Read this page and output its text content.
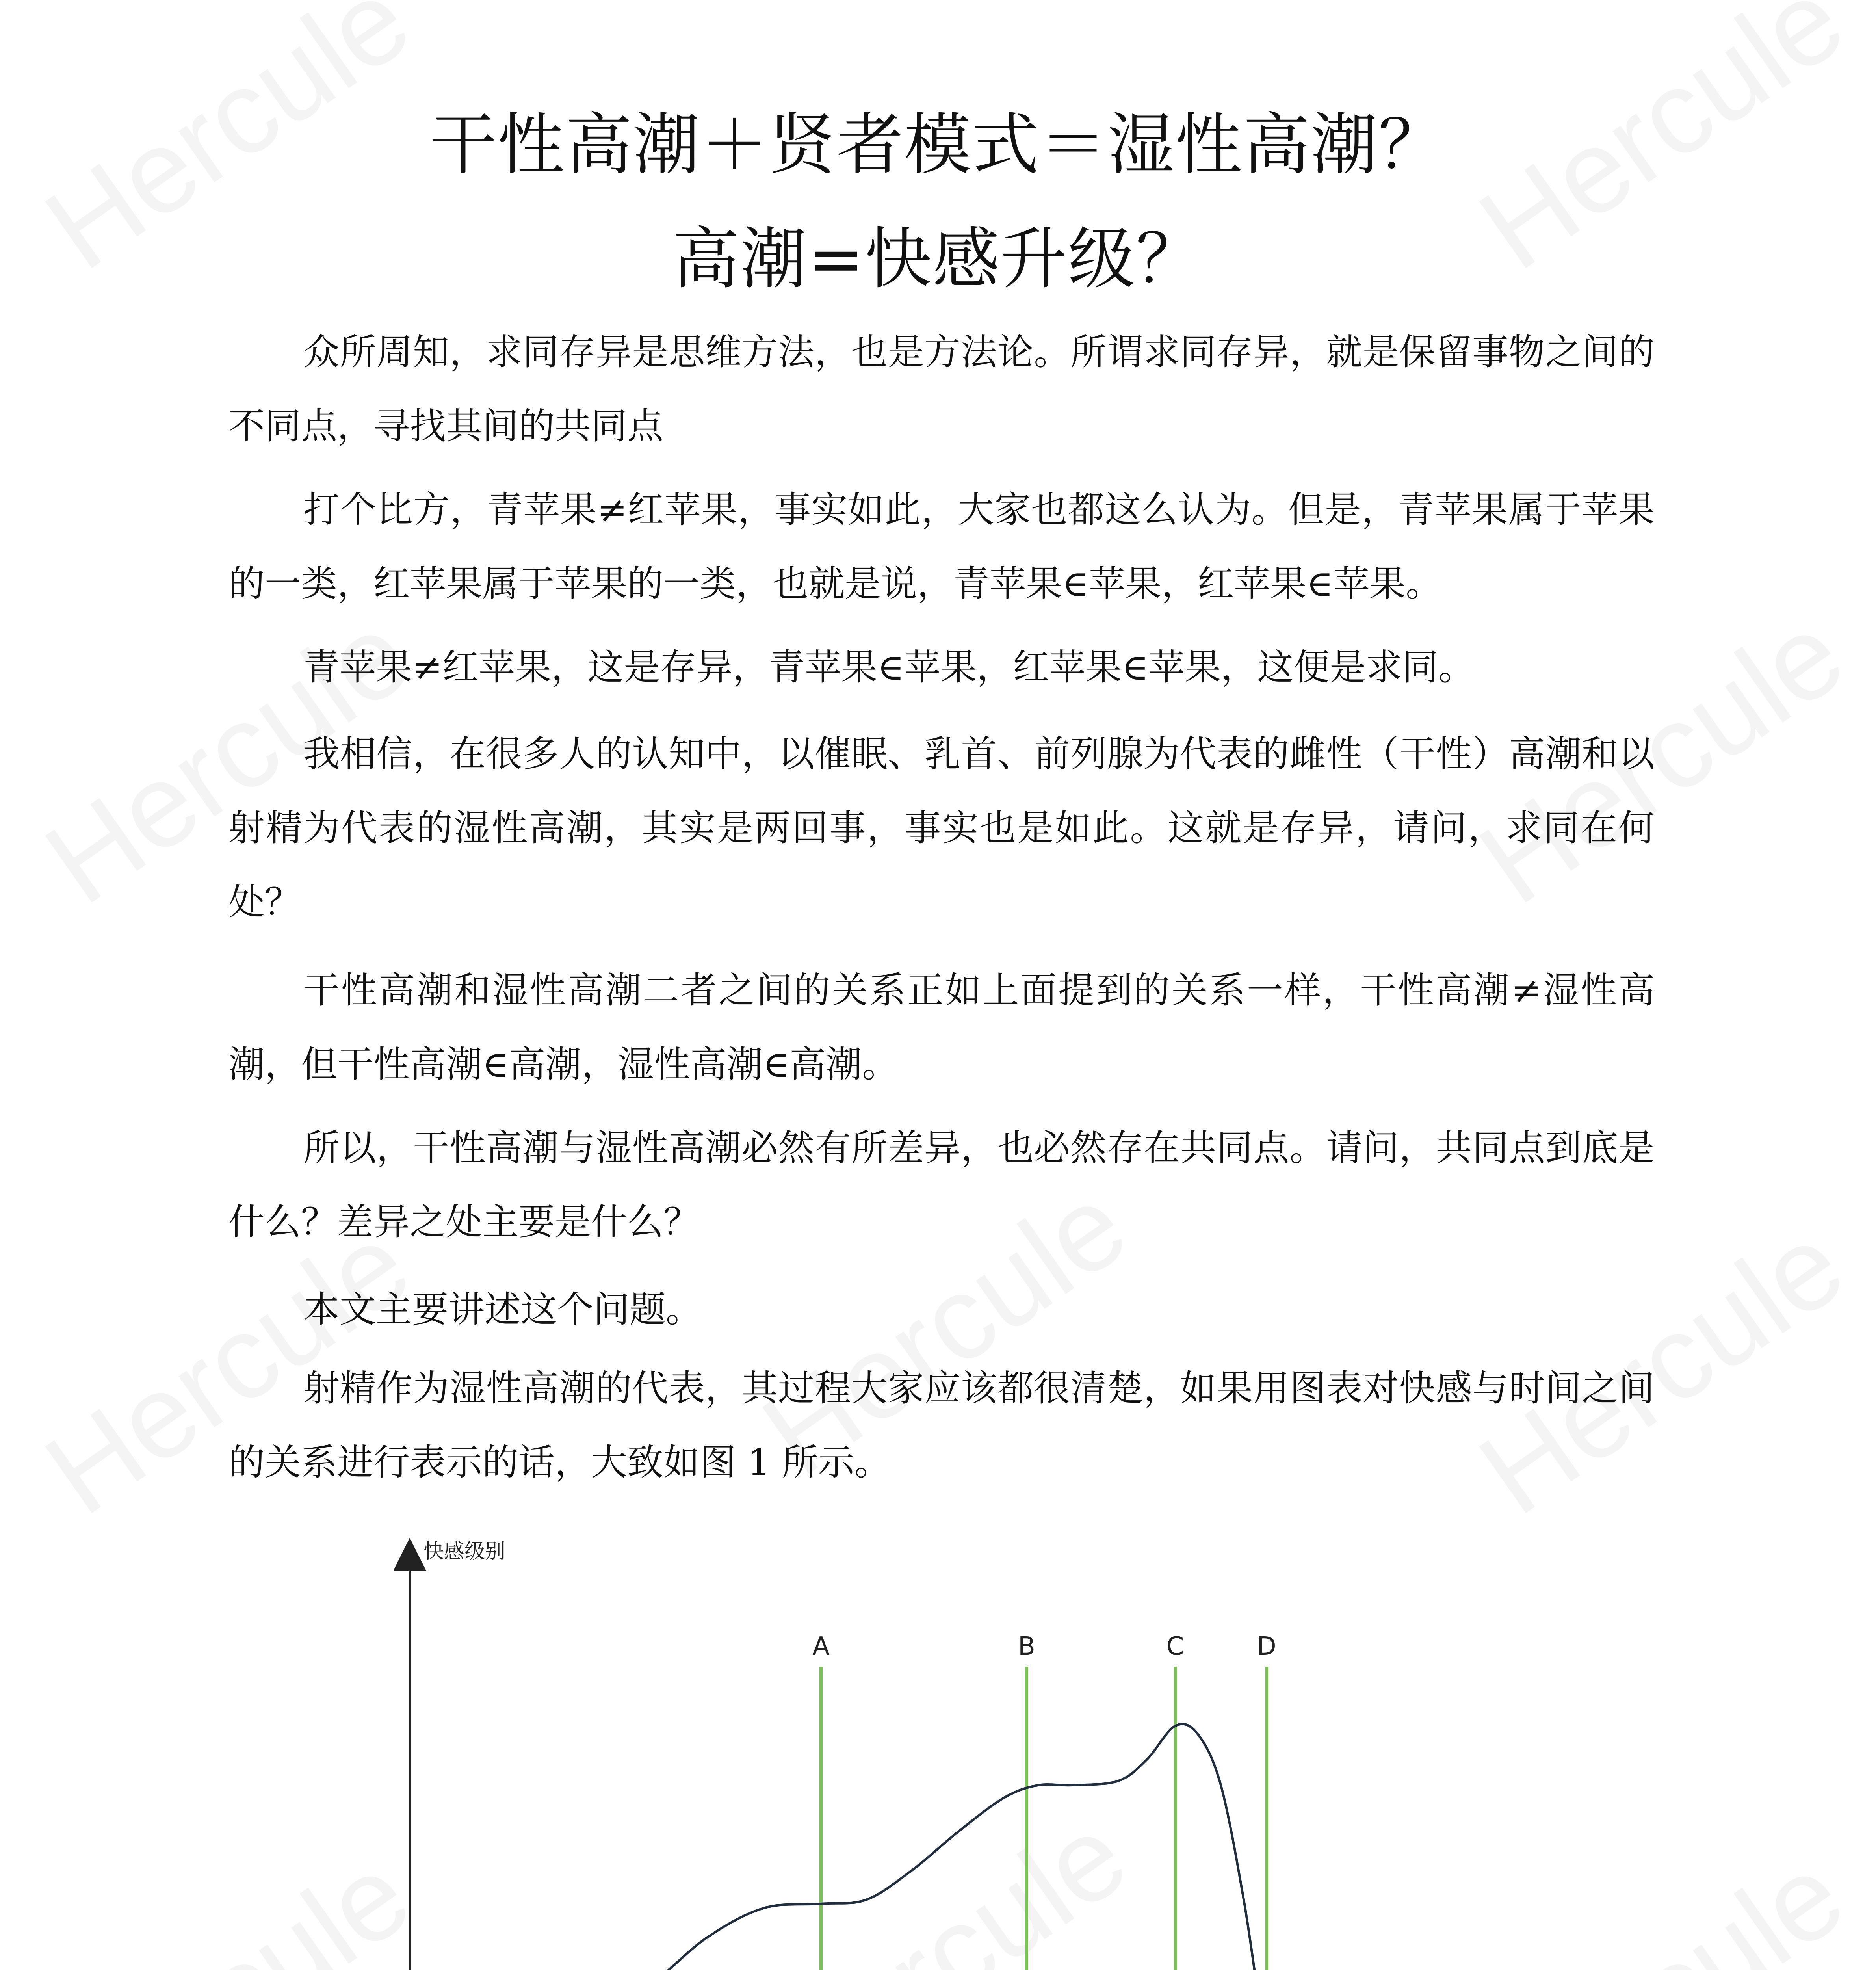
干性高潮＋贤者模式＝湿性高潮？
高潮=快感升级？

众所周知，求同存异是思维方法，也是方法论。所谓求同存异，就是保留事物之间的不同点，寻找其间的共同点

打个比方，青苹果≠红苹果，事实如此，大家也都这么认为。但是，青苹果属于苹果的一类，红苹果属于苹果的一类，也就是说，青苹果∈苹果，红苹果∈苹果。

青苹果≠红苹果，这是存异，青苹果∈苹果，红苹果∈苹果，这便是求同。

我相信，在很多人的认知中，以催眠、乳首、前列腺为代表的雌性（干性）高潮和以射精为代表的湿性高潮，其实是两回事，事实也是如此。这就是存异，请问，求同在何处？

干性高潮和湿性高潮二者之间的关系正如上面提到的关系一样，干性高潮≠湿性高潮，但干性高潮∈高潮，湿性高潮∈高潮。

所以，干性高潮与湿性高潮必然有所差异，也必然存在共同点。请问，共同点到底是什么？差异之处主要是什么？

本文主要讲述这个问题。

射精作为湿性高潮的代表，其过程大家应该都很清楚，如果用图表对快感与时间之间的关系进行表示的话，大致如图 1 所示。

快感级别
A	B	C	D
